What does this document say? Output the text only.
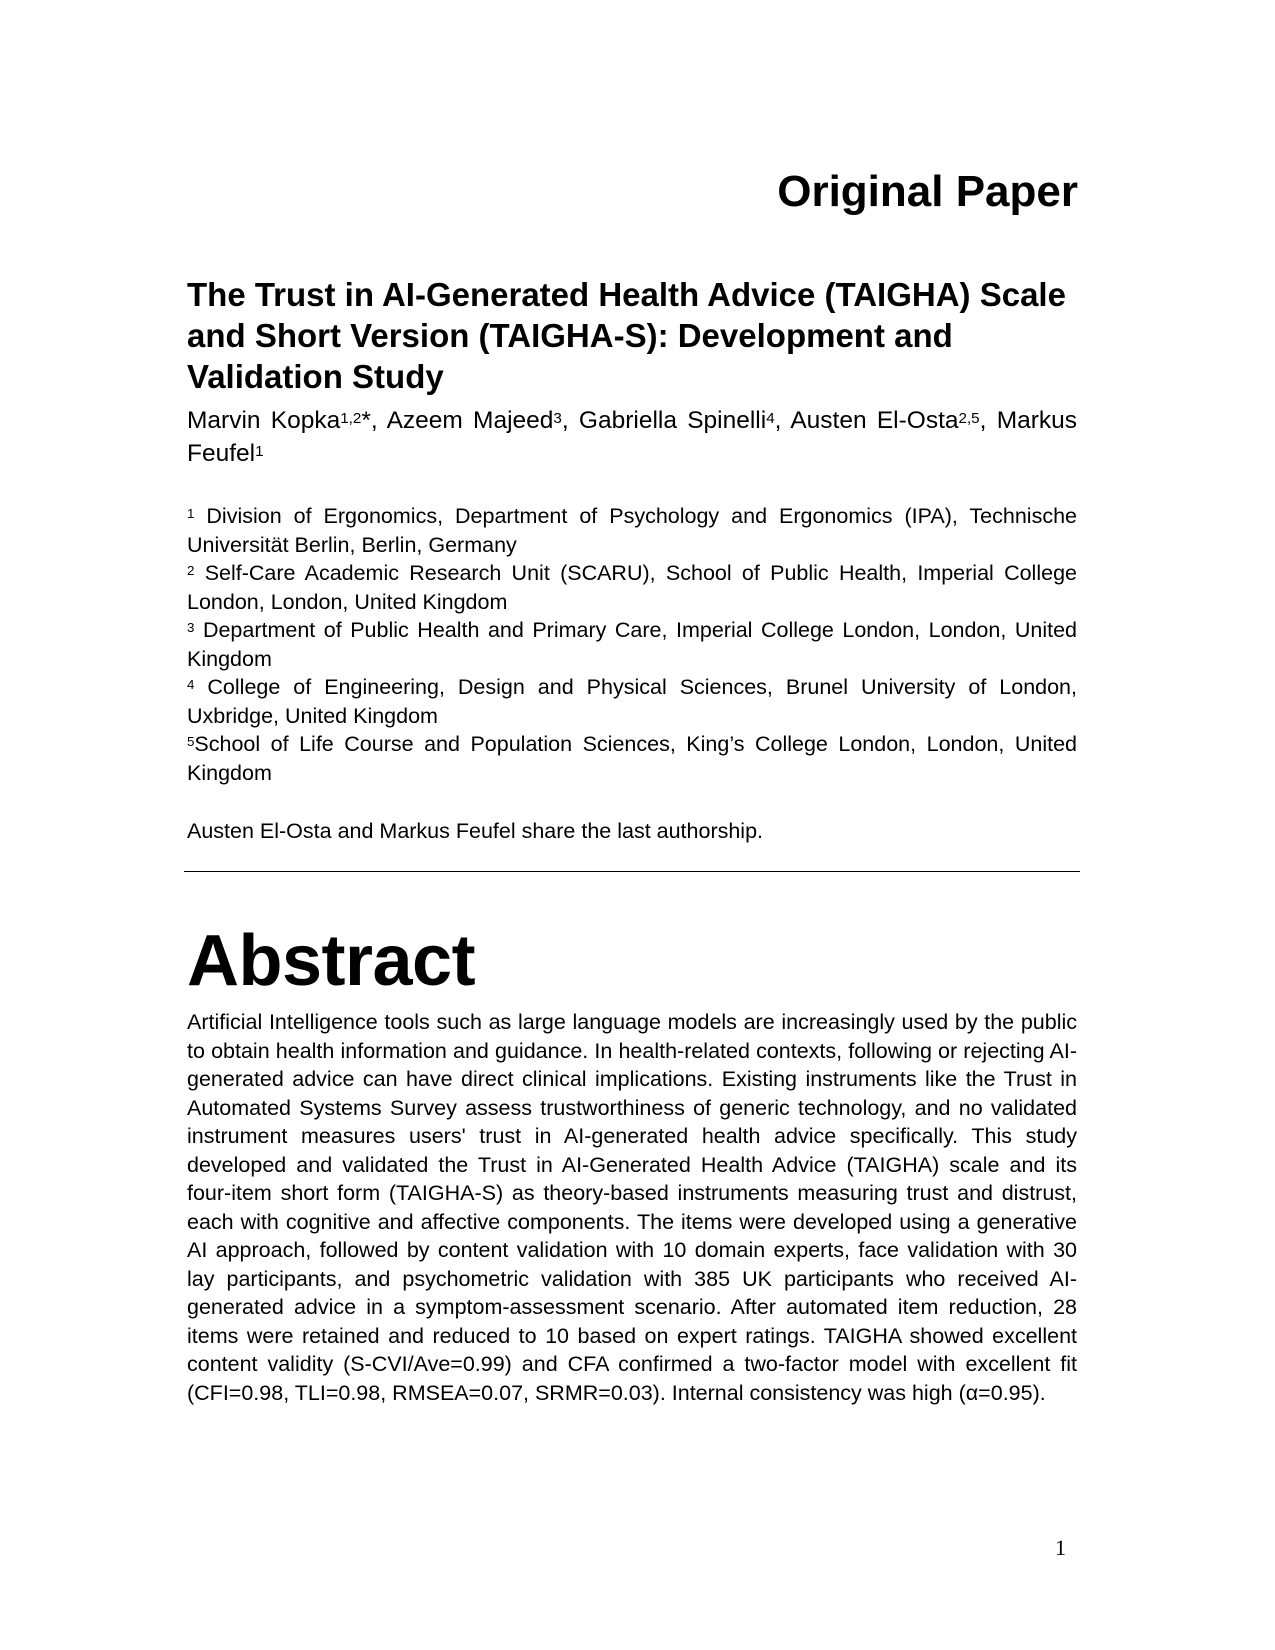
Original Paper
The Trust in AI-Generated Health Advice (TAIGHA) Scale and Short Version (TAIGHA-S): Development and Validation Study
Marvin Kopka$^{1,2}$*, Azeem Majeed$^3$, Gabriella Spinelli$^4$, Austen El-Osta$^{2,5}$, Markus Feufel$^1$

$^1$ Division of Ergonomics, Department of Psychology and Ergonomics (IPA), Technische Universität Berlin, Berlin, Germany

$^2$ Self-Care Academic Research Unit (SCARU), School of Public Health, Imperial College London, London, United Kingdom

$^3$ Department of Public Health and Primary Care, Imperial College London, London, United Kingdom

$^4$ College of Engineering, Design and Physical Sciences, Brunel University of London, Uxbridge, United Kingdom

$^5$School of Life Course and Population Sciences, King’s College London, London, United Kingdom

Austen El-Osta and Markus Feufel share the last authorship.

Abstract

Artificial Intelligence tools such as large language models are increasingly used by the public to obtain health information and guidance. In health-related contexts, following or rejecting AI-generated advice can have direct clinical implications. Existing instruments like the Trust in Automated Systems Survey assess trustworthiness of generic technology, and no validated instrument measures users' trust in AI-generated health advice specifically. This study developed and validated the Trust in AI-Generated Health Advice (TAIGHA) scale and its four-item short form (TAIGHA-S) as theory-based instruments measuring trust and distrust, each with cognitive and affective components. The items were developed using a generative AI approach, followed by content validation with 10 domain experts, face validation with 30 lay participants, and psychometric validation with 385 UK participants who received AI-generated advice in a symptom-assessment scenario. After automated item reduction, 28 items were retained and reduced to 10 based on expert ratings. TAIGHA showed excellent content validity (S-CVI/Ave=0.99) and CFA confirmed a two-factor model with excellent fit (CFI=0.98, TLI=0.98, RMSEA=0.07, SRMR=0.03). Internal consistency was high (α=0.95).

1
